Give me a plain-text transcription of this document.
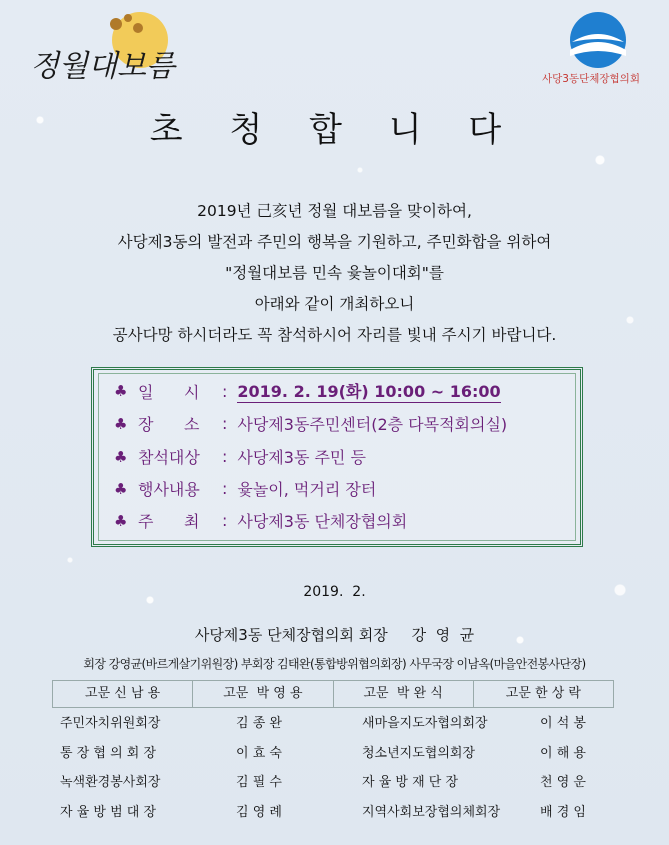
정월대보름	사당3동단체장협의회
초 청 합 니 다
2019년 己亥년 정월 대보름을 맞이하여,
사당제3동의 발전과 주민의 행복을 기원하고, 주민화합을 위하여
"정월대보름 민속 윷놀이대회"를
아래와 같이 개최하오니
공사다망 하시더라도 꼭 참석하시어 자리를 빛내 주시기 바랍니다.
♣ 일      시	: 2019. 2. 19(화) 10:00 ~ 16:00
♣ 장      소	: 사당제3동주민센터(2층 다목적회의실)
♣ 참석대상	: 사당제3동 주민 등
♣ 행사내용	: 윷놀이, 먹거리 장터
♣ 주      최	: 사당제3동 단체장협의회
2019.  2.
사당제3동 단체장협의회 회장     강  영  균
회장 강영균(바르게살기위원장) 부회장 김태완(통합방위협의회장) 사무국장 이남옥(마을안전봉사단장)
고문 신 남 용	고문  박 영 용	고문  박 완 식	고문 한 상 락
주민자치위원회장	김 종 완	새마을지도자협의회장	이 석 봉
통 장 협 의 회 장	이 효 숙	청소년지도협의회장	이 해 용
녹색환경봉사회장	김 필 수	자 율 방 재 단 장	천 영 운
자 율 방 범 대 장	김 영 례	지역사회보장협의체회장	배 경 임
